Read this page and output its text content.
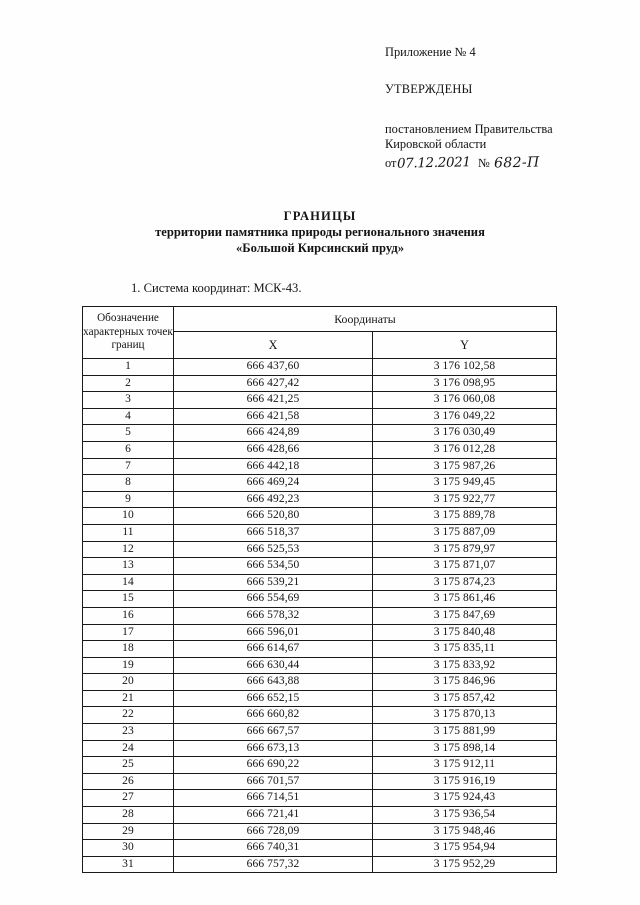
Приложение № 4

УТВЕРЖДЕНЫ

постановлением Правительства

Кировской области

от 07.12.2021 № 682-П
ГРАНИЦЫ
территории памятника природы регионального значения
«Большой Кирсинский пруд»
1. Система координат: МСК-43.
Обозначение характерных точек границ	Координаты	
	X	Y
1	666 437,60	3 176 102,58
2	666 427,42	3 176 098,95
3	666 421,25	3 176 060,08
4	666 421,58	3 176 049,22
5	666 424,89	3 176 030,49
6	666 428,66	3 176 012,28
7	666 442,18	3 175 987,26
8	666 469,24	3 175 949,45
9	666 492,23	3 175 922,77
10	666 520,80	3 175 889,78
11	666 518,37	3 175 887,09
12	666 525,53	3 175 879,97
13	666 534,50	3 175 871,07
14	666 539,21	3 175 874,23
15	666 554,69	3 175 861,46
16	666 578,32	3 175 847,69
17	666 596,01	3 175 840,48
18	666 614,67	3 175 835,11
19	666 630,44	3 175 833,92
20	666 643,88	3 175 846,96
21	666 652,15	3 175 857,42
22	666 660,82	3 175 870,13
23	666 667,57	3 175 881,99
24	666 673,13	3 175 898,14
25	666 690,22	3 175 912,11
26	666 701,57	3 175 916,19
27	666 714,51	3 175 924,43
28	666 721,41	3 175 936,54
29	666 728,09	3 175 948,46
30	666 740,31	3 175 954,94
31	666 757,32	3 175 952,29
